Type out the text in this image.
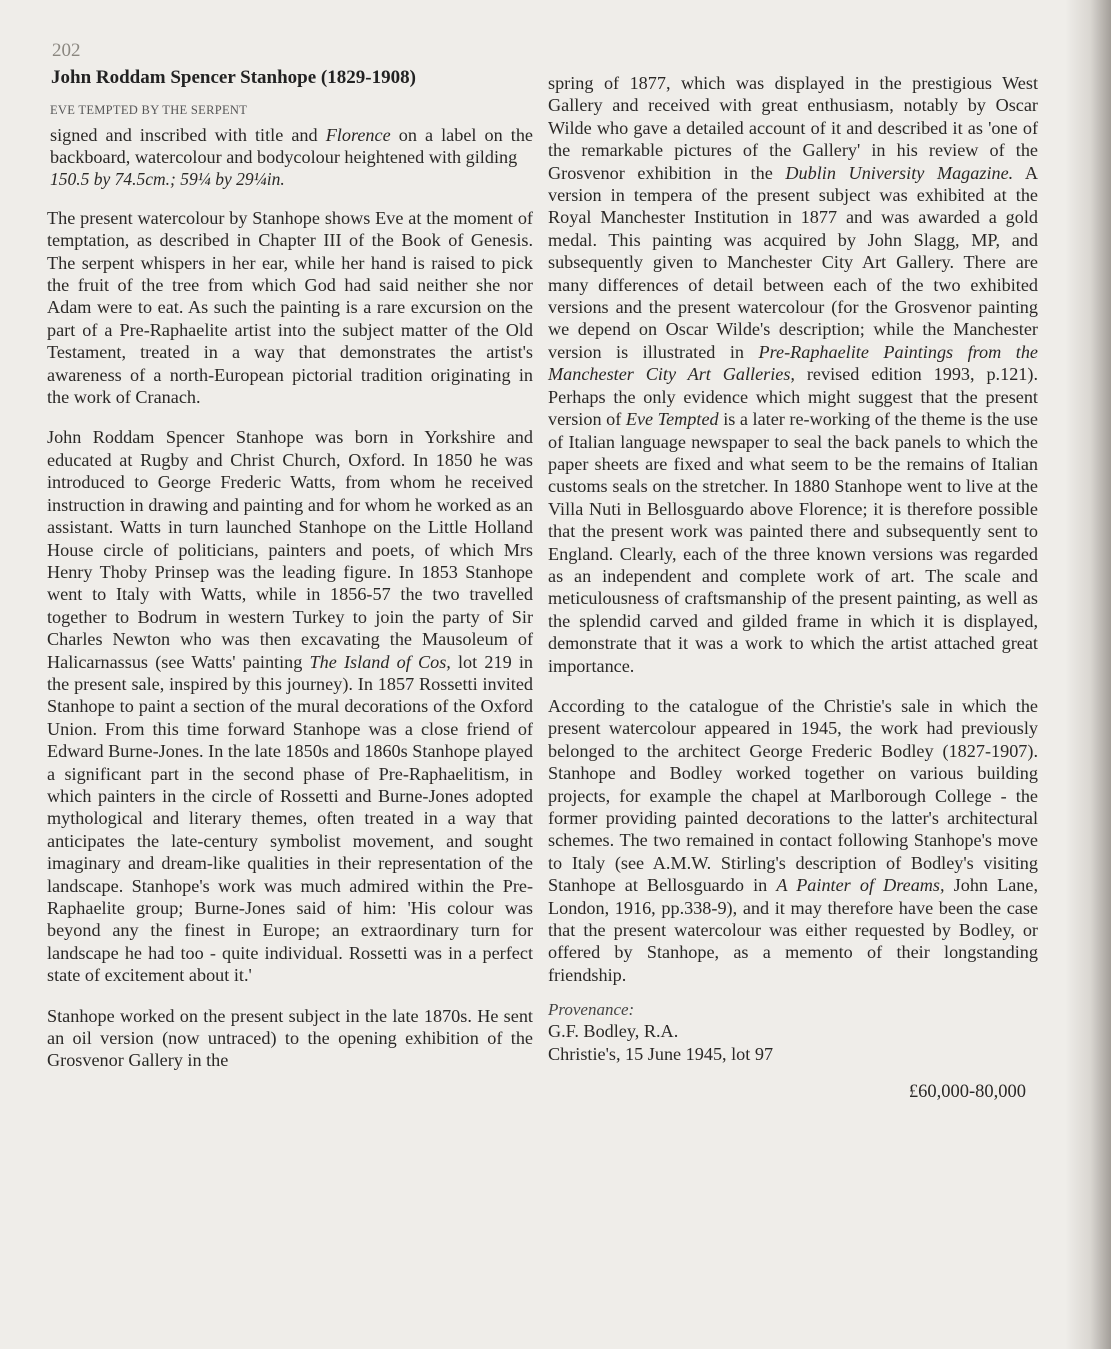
202
John Roddam Spencer Stanhope (1829-1908)
EVE TEMPTED BY THE SERPENT

signed and inscribed with title and Florence on a label on the backboard, watercolour and bodycolour heightened with gilding

150.5 by 74.5cm.; 59¼ by 29¼in.

The present watercolour by Stanhope shows Eve at the moment of temptation, as described in Chapter III of the Book of Genesis. The serpent whispers in her ear, while her hand is raised to pick the fruit of the tree from which God had said neither she nor Adam were to eat. As such the painting is a rare excursion on the part of a Pre-Raphaelite artist into the subject matter of the Old Testament, treated in a way that demonstrates the artist's awareness of a north-European pictorial tradition originating in the work of Cranach.

John Roddam Spencer Stanhope was born in Yorkshire and educated at Rugby and Christ Church, Oxford. In 1850 he was introduced to George Frederic Watts, from whom he received instruction in drawing and painting and for whom he worked as an assistant. Watts in turn launched Stanhope on the Little Holland House circle of politicians, painters and poets, of which Mrs Henry Thoby Prinsep was the leading figure. In 1853 Stanhope went to Italy with Watts, while in 1856-57 the two travelled together to Bodrum in western Turkey to join the party of Sir Charles Newton who was then excavating the Mausoleum of Halicarnassus (see Watts' painting The Island of Cos, lot 219 in the present sale, inspired by this journey). In 1857 Rossetti invited Stanhope to paint a section of the mural decorations of the Oxford Union. From this time forward Stanhope was a close friend of Edward Burne-Jones. In the late 1850s and 1860s Stanhope played a significant part in the second phase of Pre-Raphaelitism, in which painters in the circle of Rossetti and Burne-Jones adopted mythological and literary themes, often treated in a way that anticipates the late-century symbolist movement, and sought imaginary and dream-like qualities in their representation of the landscape. Stanhope's work was much admired within the Pre-Raphaelite group; Burne-Jones said of him: 'His colour was beyond any the finest in Europe; an extraordinary turn for landscape he had too - quite individual. Rossetti was in a perfect state of excitement about it.'

Stanhope worked on the present subject in the late 1870s. He sent an oil version (now untraced) to the opening exhibition of the Grosvenor Gallery in the

spring of 1877, which was displayed in the prestigious West Gallery and received with great enthusiasm, notably by Oscar Wilde who gave a detailed account of it and described it as 'one of the remarkable pictures of the Gallery' in his review of the Grosvenor exhibition in the Dublin University Magazine. A version in tempera of the present subject was exhibited at the Royal Manchester Institution in 1877 and was awarded a gold medal. This painting was acquired by John Slagg, MP, and subsequently given to Manchester City Art Gallery. There are many differences of detail between each of the two exhibited versions and the present watercolour (for the Grosvenor painting we depend on Oscar Wilde's description; while the Manchester version is illustrated in Pre-Raphaelite Paintings from the Manchester City Art Galleries, revised edition 1993, p.121). Perhaps the only evidence which might suggest that the present version of Eve Tempted is a later re-working of the theme is the use of Italian language newspaper to seal the back panels to which the paper sheets are fixed and what seem to be the remains of Italian customs seals on the stretcher. In 1880 Stanhope went to live at the Villa Nuti in Bellosguardo above Florence; it is therefore possible that the present work was painted there and subsequently sent to England. Clearly, each of the three known versions was regarded as an independent and complete work of art. The scale and meticulousness of craftsmanship of the present painting, as well as the splendid carved and gilded frame in which it is displayed, demonstrate that it was a work to which the artist attached great importance.

According to the catalogue of the Christie's sale in which the present watercolour appeared in 1945, the work had previously belonged to the architect George Frederic Bodley (1827-1907). Stanhope and Bodley worked together on various building projects, for example the chapel at Marlborough College - the former providing painted decorations to the latter's architectural schemes. The two remained in contact following Stanhope's move to Italy (see A.M.W. Stirling's description of Bodley's visiting Stanhope at Bellosguardo in A Painter of Dreams, John Lane, London, 1916, pp.338-9), and it may therefore have been the case that the present watercolour was either requested by Bodley, or offered by Stanhope, as a memento of their longstanding friendship.

Provenance:
G.F. Bodley, R.A.
Christie's, 15 June 1945, lot 97
£60,000-80,000
